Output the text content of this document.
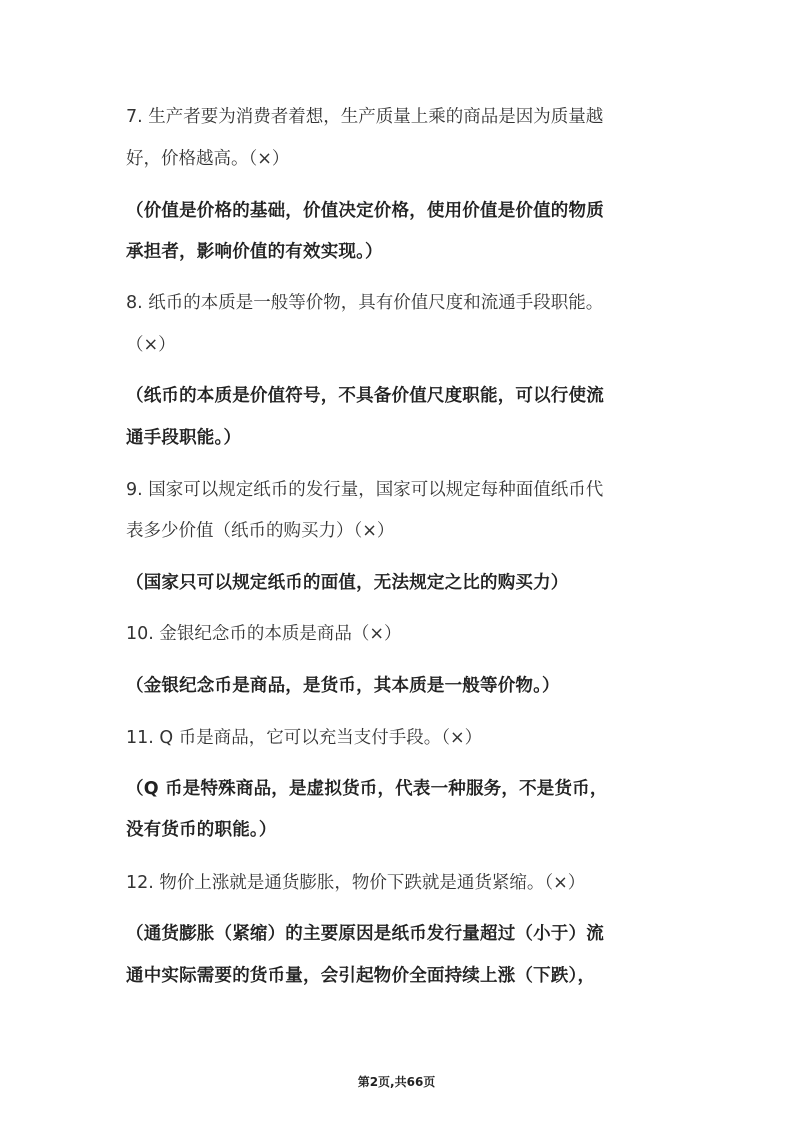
7. 生产者要为消费者着想，生产质量上乘的商品是因为质量越

好，价格越高。（×）

（价值是价格的基础，价值决定价格，使用价值是价值的物质

承担者，影响价值的有效实现。）

8. 纸币的本质是一般等价物，具有价值尺度和流通手段职能。

（×）

（纸币的本质是价值符号，不具备价值尺度职能，可以行使流

通手段职能。）

9. 国家可以规定纸币的发行量，国家可以规定每种面值纸币代

表多少价值（纸币的购买力）（×）

（国家只可以规定纸币的面值，无法规定之比的购买力）

10. 金银纪念币的本质是商品（×）

（金银纪念币是商品，是货币，其本质是一般等价物。）

11. Q 币是商品，它可以充当支付手段。（×）

（Q 币是特殊商品，是虚拟货币，代表一种服务，不是货币，

没有货币的职能。）

12. 物价上涨就是通货膨胀，物价下跌就是通货紧缩。（×）

（通货膨胀（紧缩）的主要原因是纸币发行量超过（小于）流

通中实际需要的货币量，会引起物价全面持续上涨（下跌），

第2页,共66页
